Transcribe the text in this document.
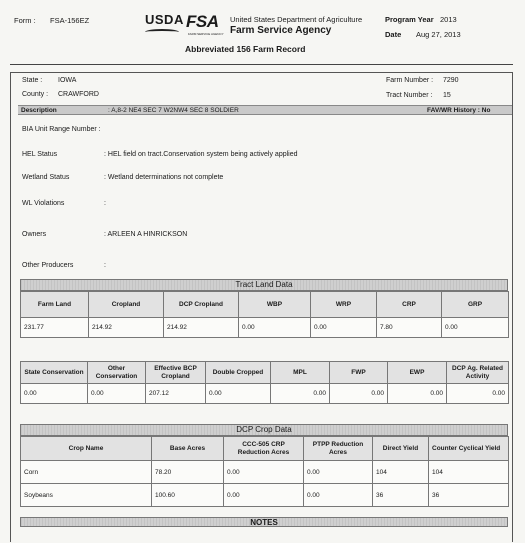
Form : FSA-156EZ	USDA FSA
FARM SERVICE AGENCY
United States Department of Agriculture
Farm Service Agency
Abbreviated 156 Farm Record
Program Year 2013
Date Aug 27, 2013
State : IOWA
County : CRAWFORD
Farm Number : 7290
Tract Number : 15
Description	: A,8-2 NE4 SEC 7 W2NW4 SEC 8 SOLDIER	FAV/WR History : No
BIA Unit Range Number :
HEL Status	: HEL field on tract.Conservation system being actively applied
Wetland Status	: Wetland determinations not complete
WL Violations	:
Owners	: ARLEEN A HINRICKSON
Other Producers	:
Tract Land Data
Farm Land	Cropland	DCP Cropland	WBP	WRP	CRP	GRP
231.77	214.92	214.92	0.00	0.00	7.80	0.00
State Conservation	Other Conservation	Effective BCP Cropland	Double Cropped	MPL	FWP	EWP	DCP Ag. Related Activity
0.00	0.00	207.12	0.00	0.00	0.00	0.00	0.00
DCP Crop Data
Crop Name	Base Acres	CCC-505 CRP Reduction Acres	PTPP Reduction Acres	Direct Yield	Counter Cyclical Yield
Corn	78.20	0.00	0.00	104	104
Soybeans	100.60	0.00	0.00	36	36
NOTES
